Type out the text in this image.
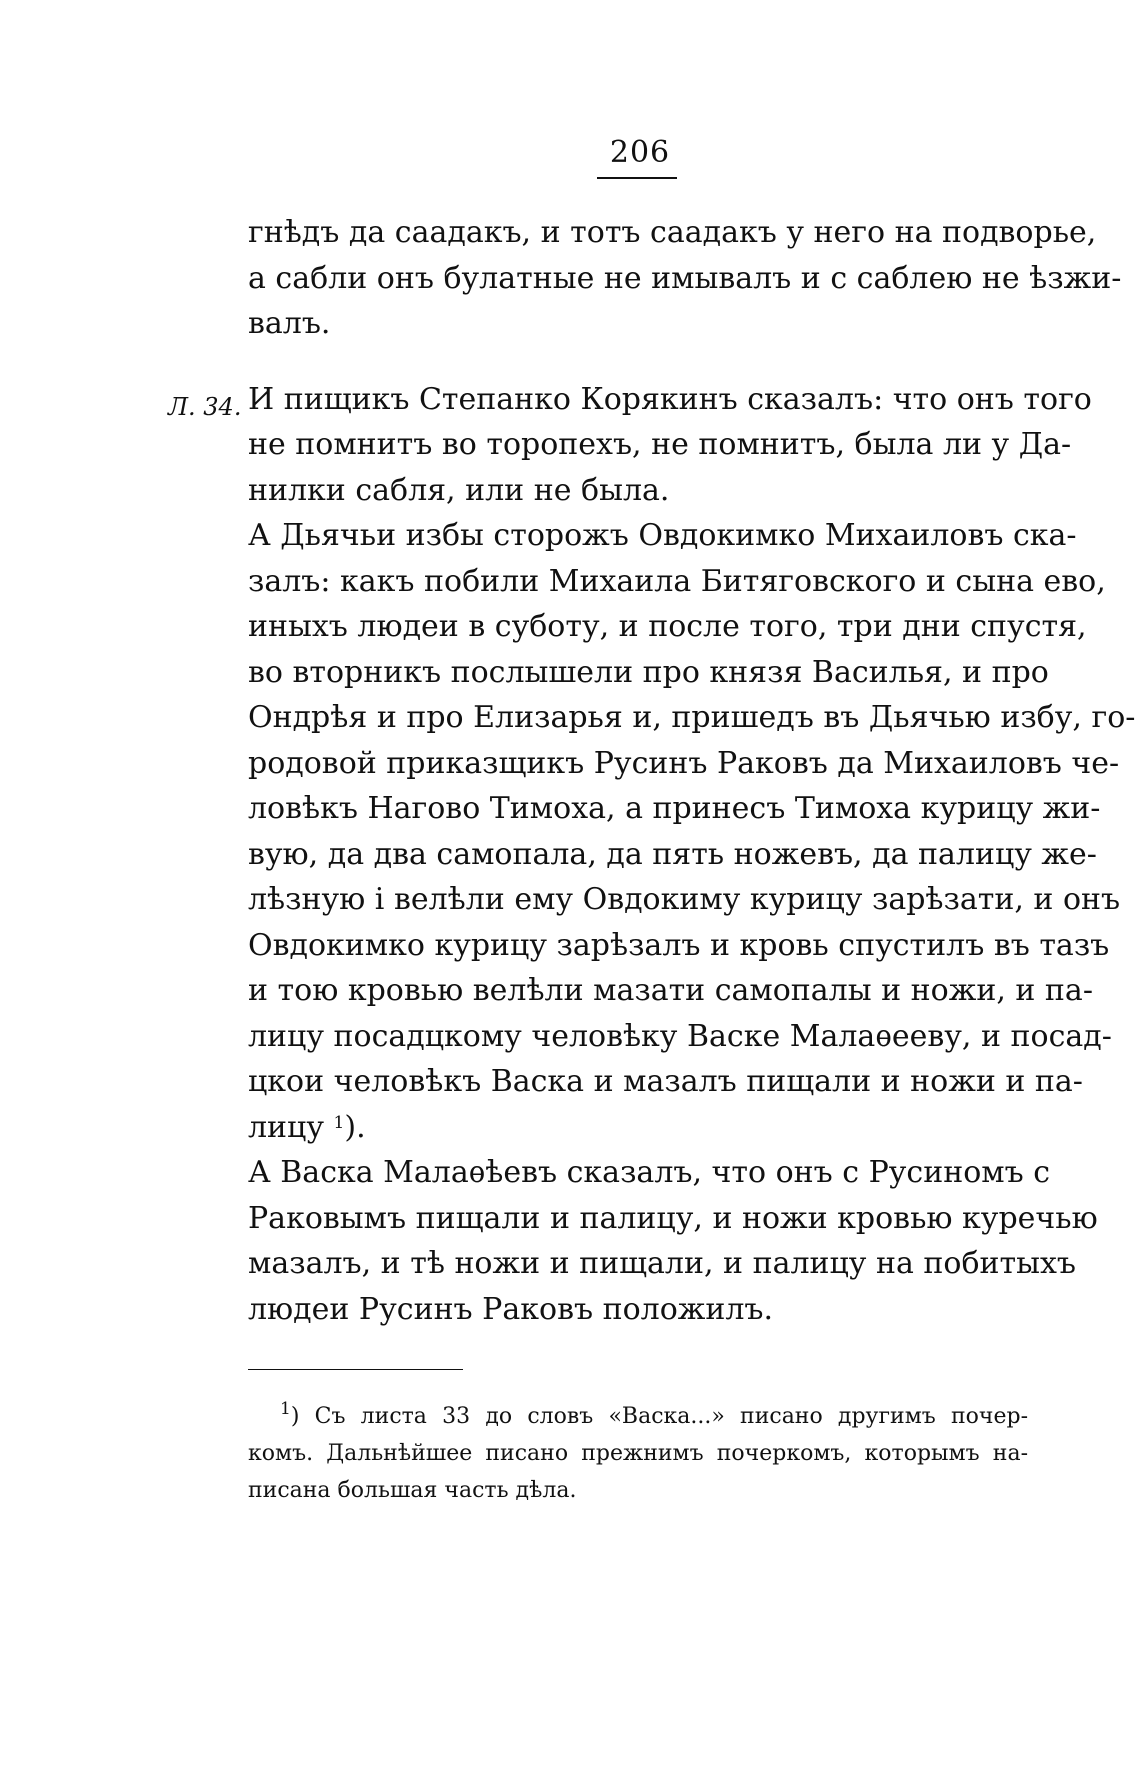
206
Л. 34.
гнѣдъ да саадакъ, и тотъ саадакъ у него на подворье,
а сабли онъ булатные не имывалъ и с саблею не ѣзжи-
валъ.
И пищикъ Степанко Корякинъ сказалъ: что онъ того
не помнитъ во торопехъ, не помнитъ, была ли у Да-
нилки сабля, или не была.
А Дьячьи избы сторожъ Овдокимко Михаиловъ ска-
залъ: какъ побили Михаила Битяговского и сына ево,
иныхъ людеи в суботу, и после того, три дни спустя,
во вторникъ послышели про князя Василья, и про
Ондрѣя и про Елизарья и, пришедъ въ Дьячью избу, го-
родовой приказщикъ Русинъ Раковъ да Михаиловъ че-
ловѣкъ Нагово Тимоха, а принесъ Тимоха курицу жи-
вую, да два самопала, да пять ножевъ, да палицу же-
лѣзную і велѣли ему Овдокиму курицу зарѣзати, и онъ
Овдокимко курицу зарѣзалъ и кровь спустилъ въ тазъ
и тою кровью велѣли мазати самопалы и ножи, и па-
лицу посадцкому человѣку Васке Малаѳееву, и посад-
цкои человѣкъ Васка и мазалъ пищали и ножи и па-
лицу $^1$).
А Васка Малаѳѣевъ сказалъ, что онъ с Русиномъ с
Раковымъ пищали и палицу, и ножи кровью куречью
мазалъ, и тѣ ножи и пищали, и палицу на побитыхъ
людеи Русинъ Раковъ положилъ.
$^1$) Съ листа 33 до словъ «Васка...» писано другимъ почер-
комъ. Дальнѣйшее писано прежнимъ почеркомъ, которымъ на-
писана большая часть дѣла.
